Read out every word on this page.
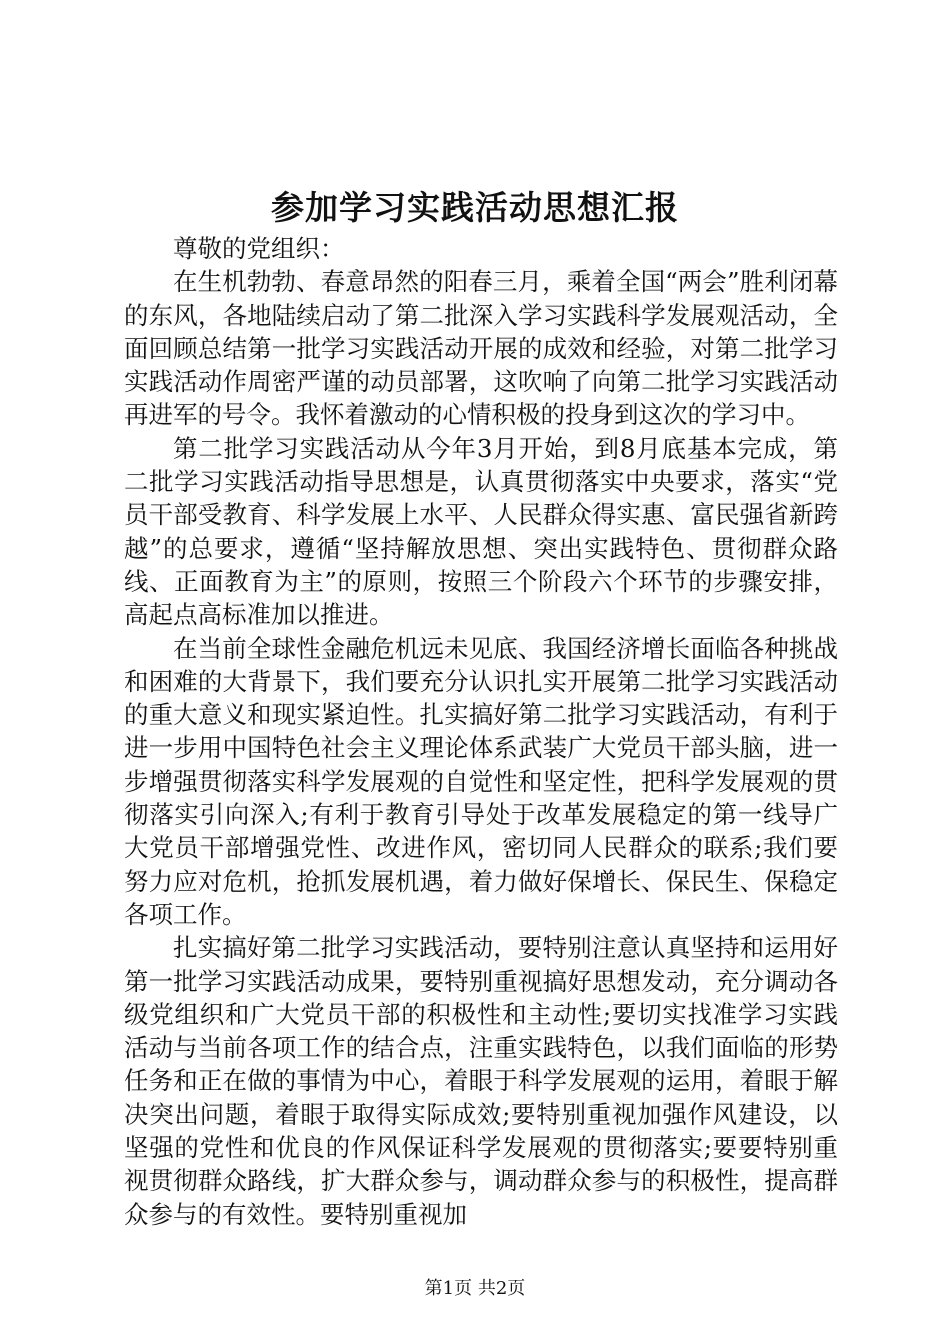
参加学习实践活动思想汇报

尊敬的党组织：

在生机勃勃、春意昂然的阳春三月，乘着全国“两会”胜利闭幕的东风，各地陆续启动了第二批深入学习实践科学发展观活动，全面回顾总结第一批学习实践活动开展的成效和经验，对第二批学习实践活动作周密严谨的动员部署，这吹响了向第二批学习实践活动再进军的号令。我怀着激动的心情积极的投身到这次的学习中。

第二批学习实践活动从今年3月开始，到8月底基本完成，第二批学习实践活动指导思想是，认真贯彻落实中央要求，落实“党员干部受教育、科学发展上水平、人民群众得实惠、富民强省新跨越”的总要求，遵循“坚持解放思想、突出实践特色、贯彻群众路线、正面教育为主”的原则，按照三个阶段六个环节的步骤安排，高起点高标准加以推进。

在当前全球性金融危机远未见底、我国经济增长面临各种挑战和困难的大背景下，我们要充分认识扎实开展第二批学习实践活动的重大意义和现实紧迫性。扎实搞好第二批学习实践活动，有利于进一步用中国特色社会主义理论体系武装广大党员干部头脑，进一步增强贯彻落实科学发展观的自觉性和坚定性，把科学发展观的贯彻落实引向深入;有利于教育引导处于改革发展稳定的第一线导广大党员干部增强党性、改进作风，密切同人民群众的联系;我们要努力应对危机，抢抓发展机遇，着力做好保增长、保民生、保稳定各项工作。

扎实搞好第二批学习实践活动，要特别注意认真坚持和运用好第一批学习实践活动成果，要特别重视搞好思想发动，充分调动各级党组织和广大党员干部的积极性和主动性;要切实找准学习实践活动与当前各项工作的结合点，注重实践特色，以我们面临的形势任务和正在做的事情为中心，着眼于科学发展观的运用，着眼于解决突出问题，着眼于取得实际成效;要特别重视加强作风建设，以坚强的党性和优良的作风保证科学发展观的贯彻落实;要要特别重视贯彻群众路线，扩大群众参与，调动群众参与的积极性，提高群众参与的有效性。要特别重视加

第1页 共2页
